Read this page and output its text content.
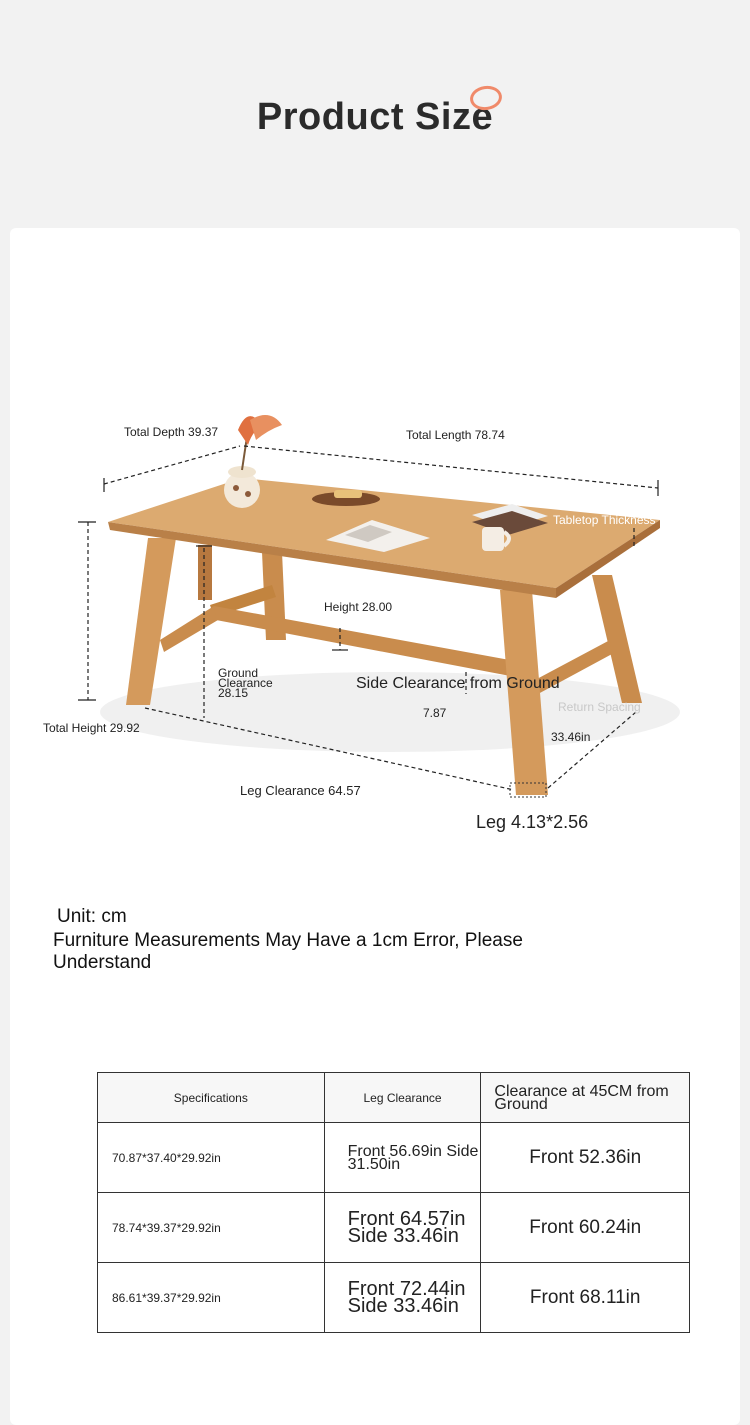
Product Size
Total Depth 39.37	Total Length 78.74
Tabletop Thickness
Height 28.00
Ground
Clearance
28.15
Side Clearance from Ground
7.87	Return Spacing
33.46in
Total Height 29.92
Leg Clearance 64.57
Leg 4.13*2.56
Unit: cm
Furniture Measurements May Have a 1cm Error, Please Understand
Specifications	Leg Clearance	Clearance at 45CM from Ground
70.87*37.40*29.92in	Front 56.69in Side 31.50in	Front 52.36in
78.74*39.37*29.92in	Front 64.57in Side 33.46in	Front 60.24in
86.61*39.37*29.92in	Front 72.44in Side 33.46in	Front 68.11in
